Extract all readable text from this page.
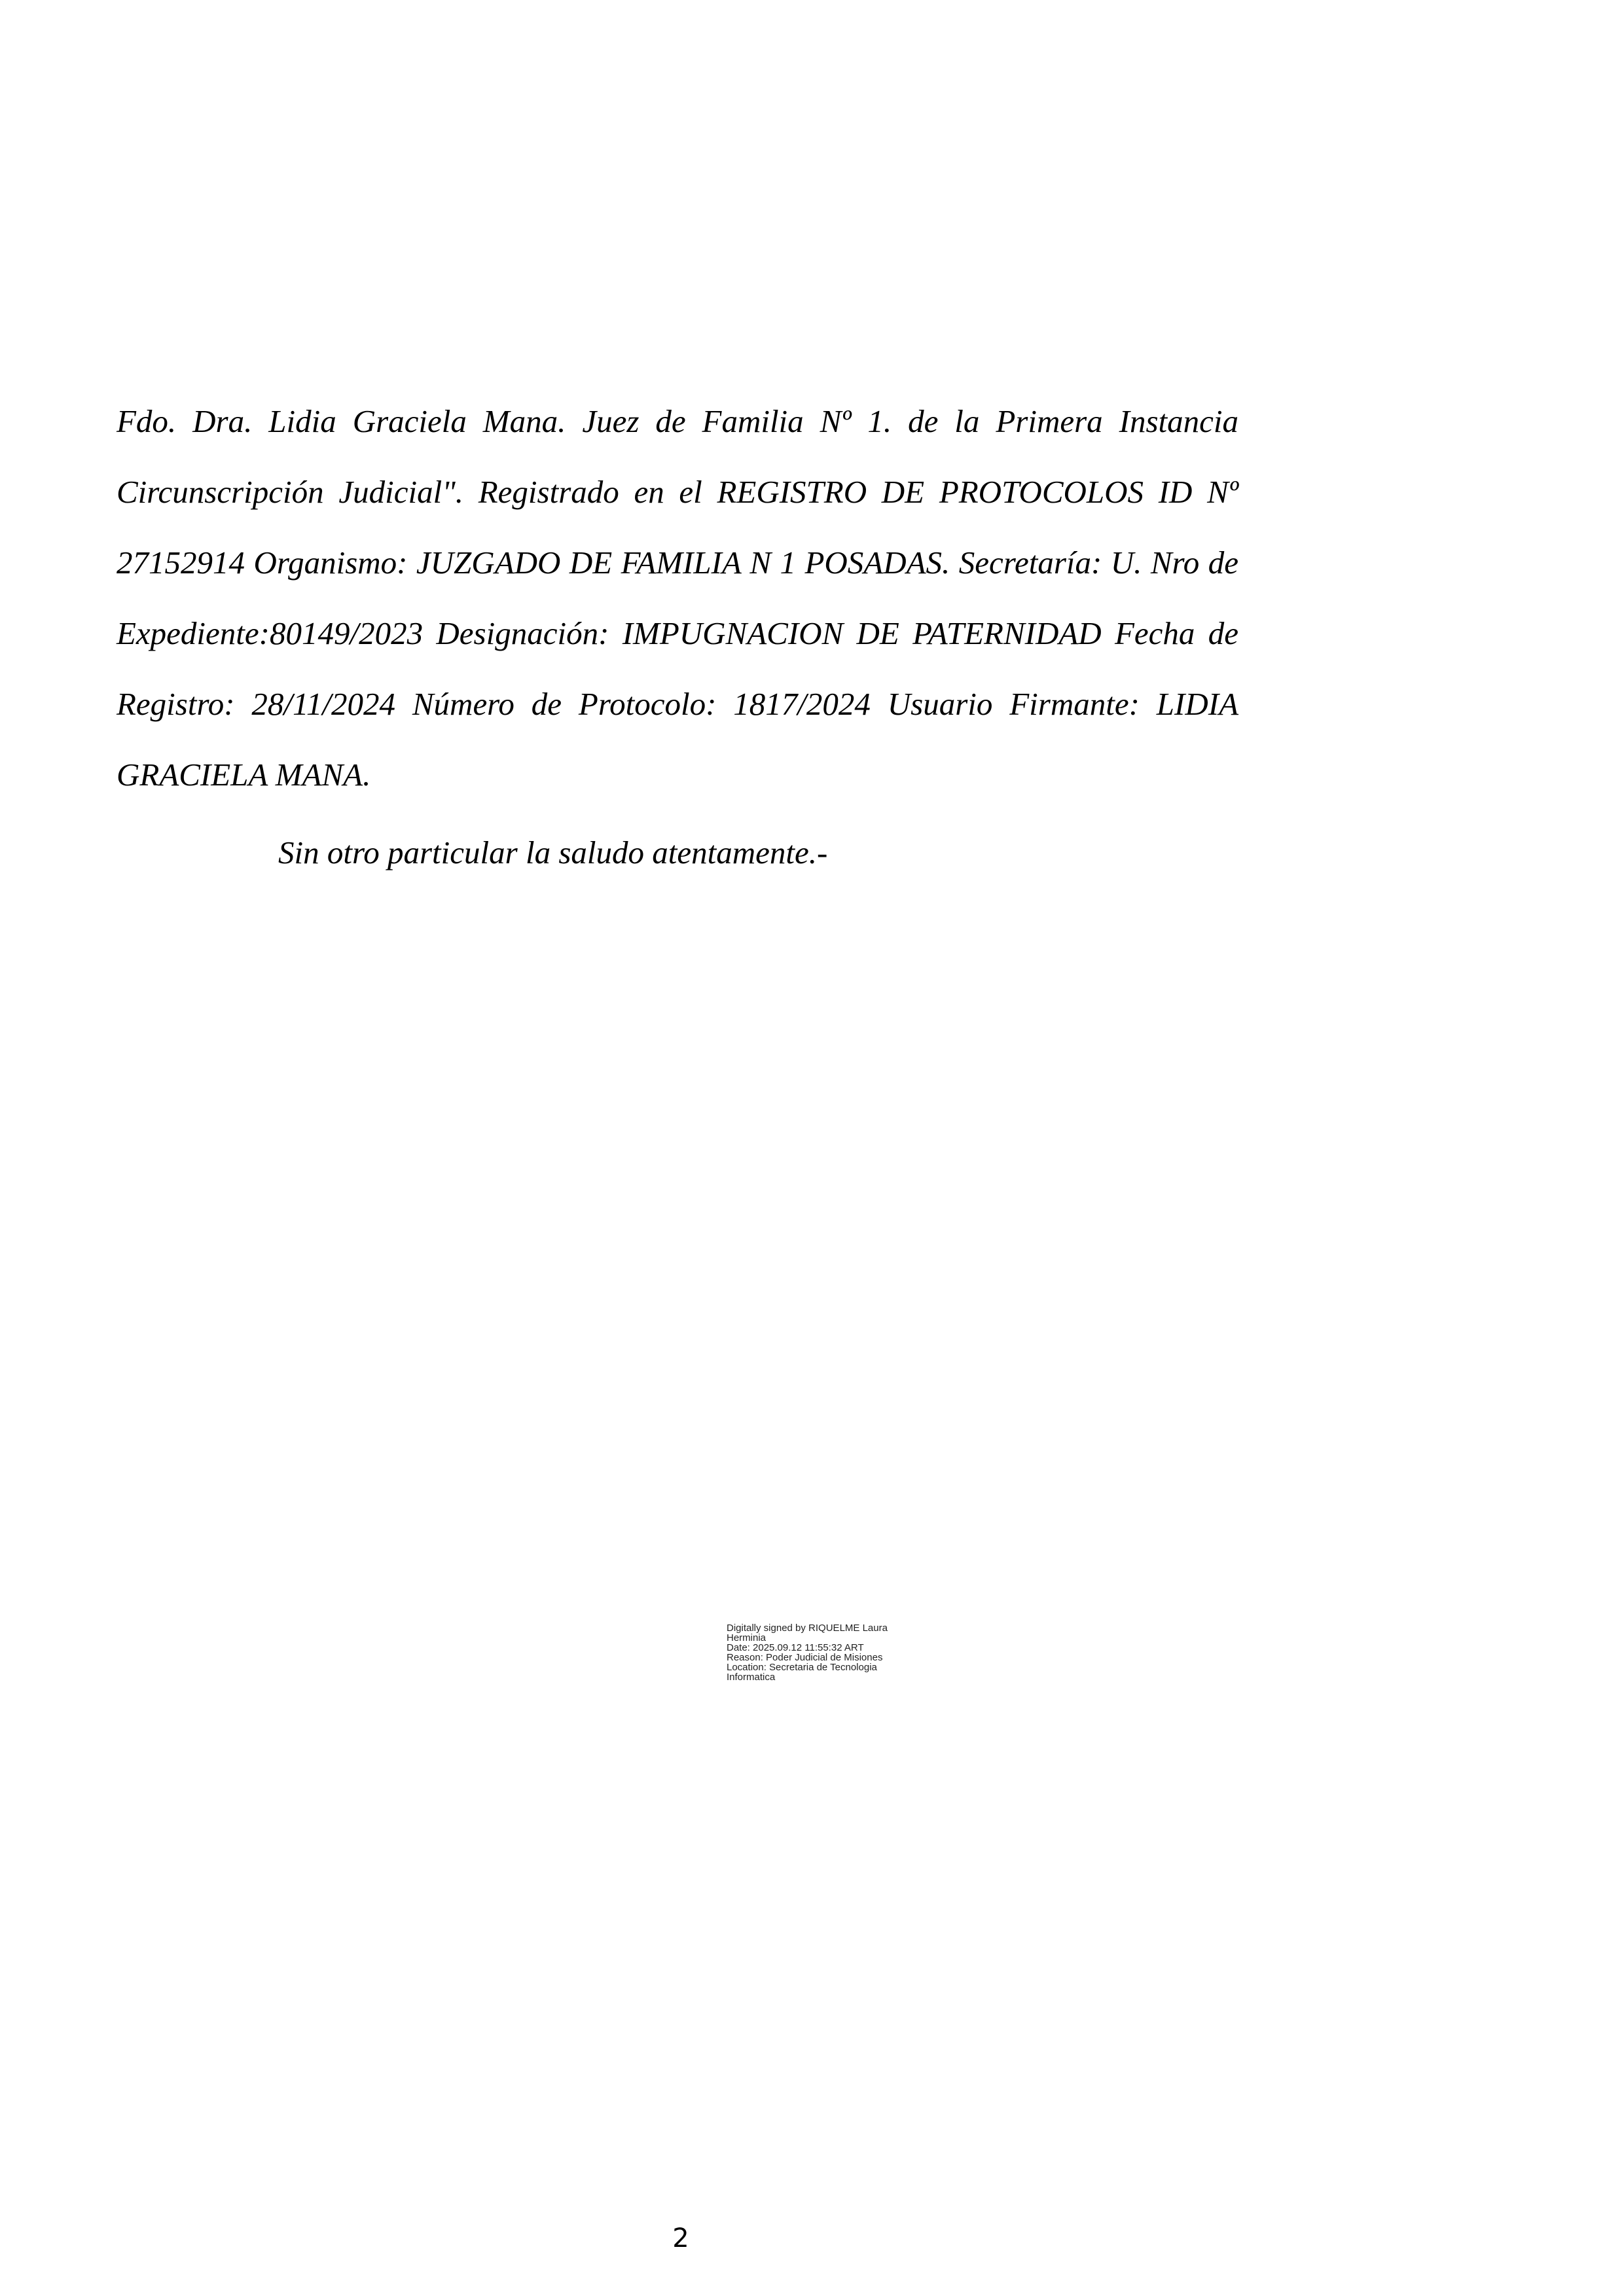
Fdo. Dra. Lidia Graciela Mana. Juez de Familia Nº 1. de la Primera Instancia
Circunscripción Judicial". Registrado en el REGISTRO DE PROTOCOLOS ID Nº
27152914 Organismo: JUZGADO DE FAMILIA N 1 POSADAS. Secretaría: U. Nro de
Expediente:80149/2023 Designación: IMPUGNACION DE PATERNIDAD Fecha de
Registro: 28/11/2024 Número de Protocolo: 1817/2024 Usuario Firmante: LIDIA
GRACIELA MANA.

Sin otro particular la saludo atentamente.-

Digitally signed by RIQUELME Laura
Herminia
Date: 2025.09.12 11:55:32 ART
Reason: Poder Judicial de Misiones
Location: Secretaria de Tecnologia
Informatica
2
